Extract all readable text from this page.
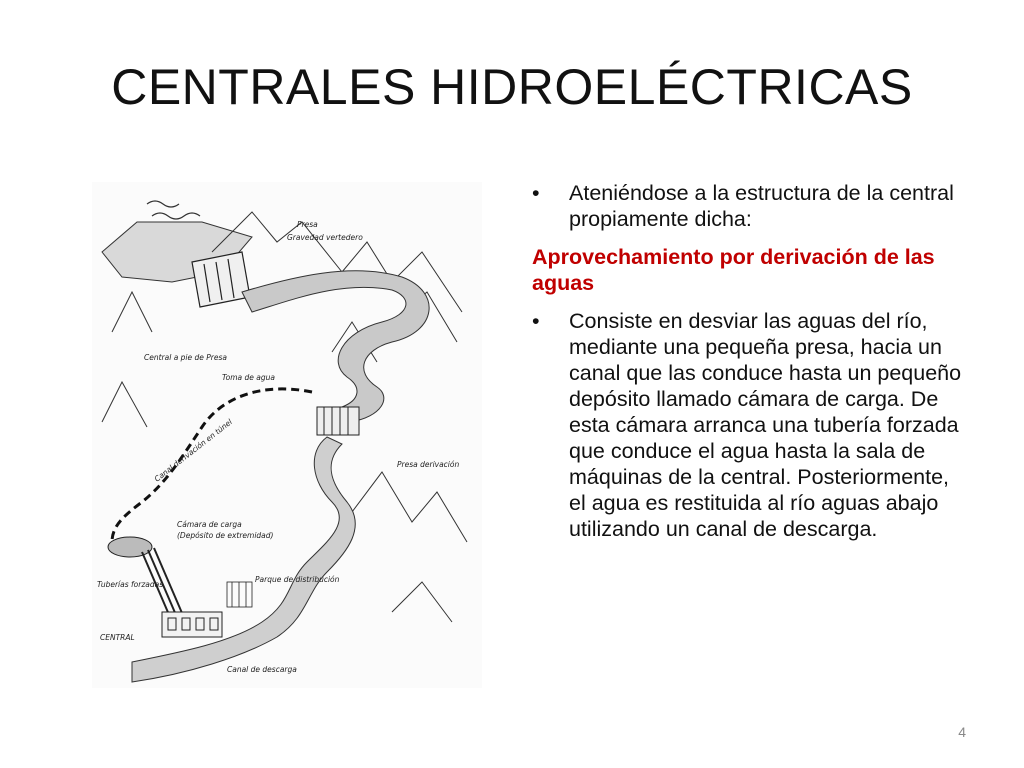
CENTRALES HIDROELÉCTRICAS
Presa
Gravedad vertedero
Central a pie de Presa
Toma de agua
Canal derivación en túnel	Presa derivación
Cámara de carga
(Depósito de extremidad)
Tuberías forzadas
Parque de distribución
CENTRAL
Canal de descarga
•	Ateniéndose a la estructura de la central propiamente dicha:
Aprovechamiento por derivación de las aguas
•	Consiste en desviar las aguas del río, mediante una pequeña presa, hacia un canal que las conduce hasta un pequeño depósito llamado cámara de carga. De esta cámara arranca una tubería forzada que conduce el agua hasta la sala de máquinas de la central. Posteriormente, el agua es restituida al río aguas abajo utilizando un canal de descarga.
4
